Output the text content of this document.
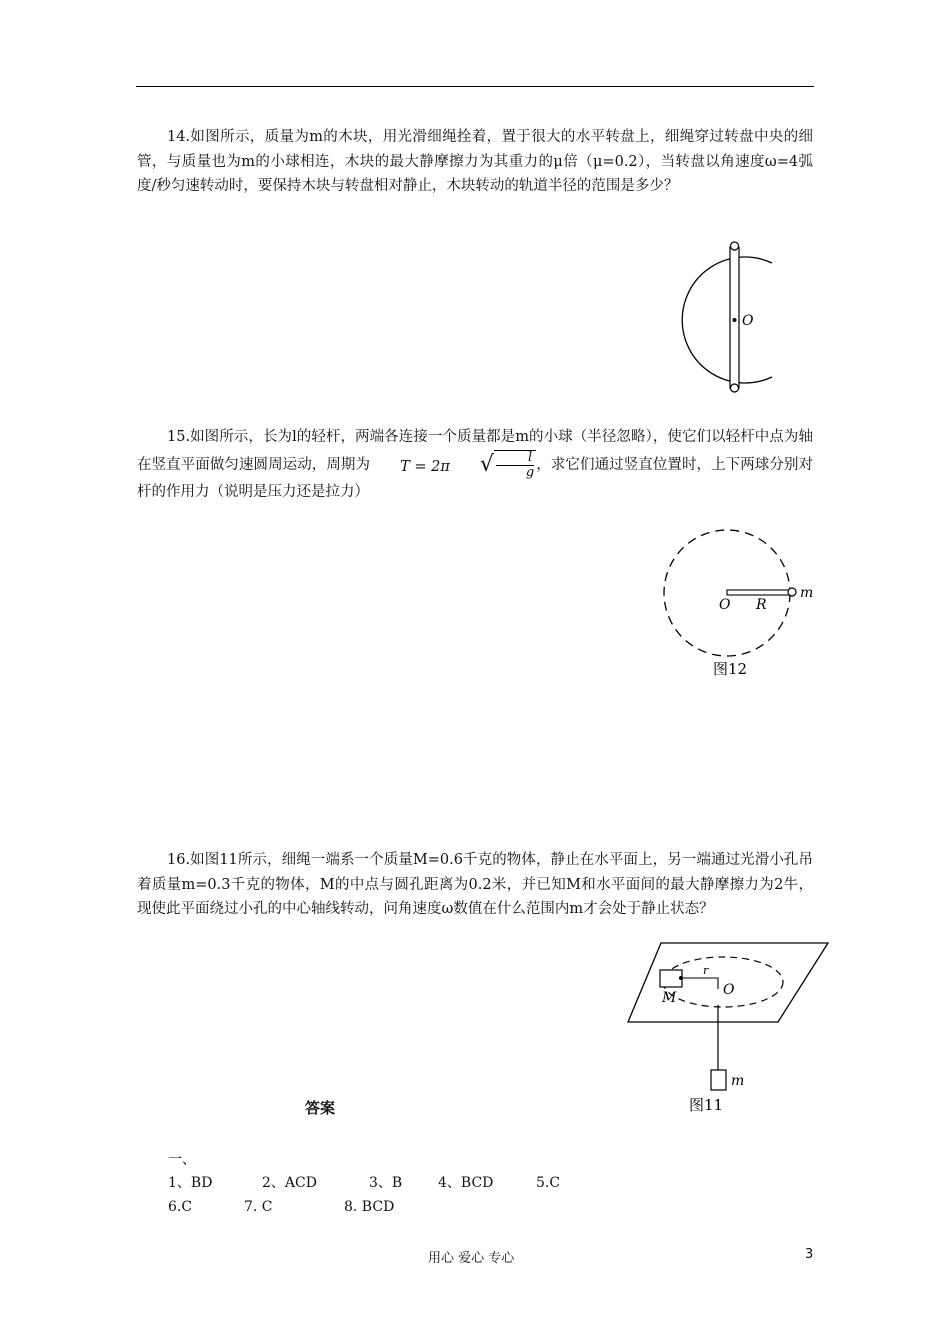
14.如图所示，质量为m的木块，用光滑细绳拴着，置于很大的水平转盘上，细绳穿过转盘中央的细管，与质量也为m的小球相连，木块的最大静摩擦力为其重力的μ倍（μ=0.2），当转盘以角速度ω=4弧度/秒匀速转动时，要保持木块与转盘相对静止，木块转动的轨道半径的范围是多少？
O
15.如图所示，长为l的轻杆，两端各连接一个质量都是m的小球（半径忽略），使它们以轻杆中点为轴在竖直平面做匀速圆周运动，周期为 T = 2π	√ $\frac{l}{g}$ ，求它们通过竖直位置时，上下两球分别对杆的作用力（说明是压力还是拉力）
O R
m
图12
16.如图11所示，细绳一端系一个质量M=0.6千克的物体，静止在水平面上，另一端通过光滑小孔吊着质量m=0.3千克的物体，M的中点与圆孔距离为0.2米，并已知M和水平面间的最大静摩擦力为2牛，现使此平面绕过小孔的中心轴线转动，问角速度ω数值在什么范围内m才会处于静止状态？
r
O
M
m
图11
答案
一、
1、BD	2、ACD	3、B	4、BCD	5.C
6.C	7. C	8. BCD
用心 爱心 专心	3
